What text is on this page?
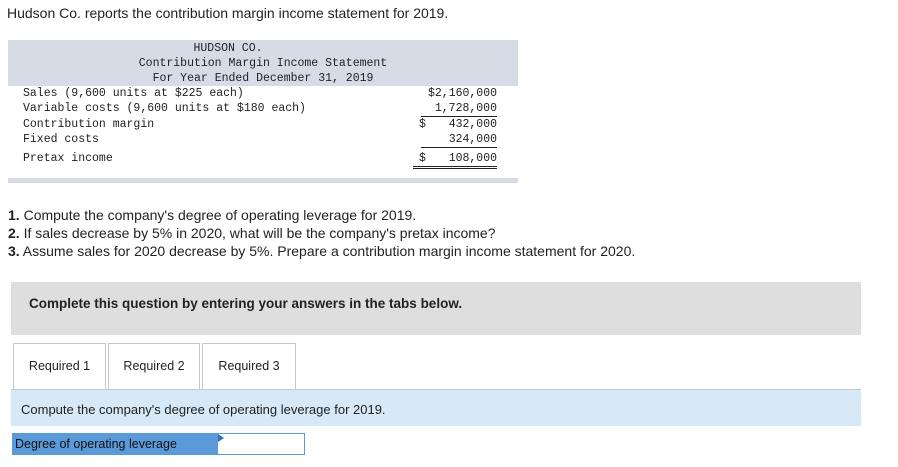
Hudson Co. reports the contribution margin income statement for 2019.
HUDSON CO.
Contribution Margin Income Statement
For Year Ended December 31, 2019
Sales (9,600 units at $225 each)	$2,160,000
Variable costs (9,600 units at $180 each)	1,728,000
Contribution margin	$ 432,000
Fixed costs	324,000
Pretax income	$	108,000
1. Compute the company's degree of operating leverage for 2019.
2. If sales decrease by 5% in 2020, what will be the company's pretax income?
3. Assume sales for 2020 decrease by 5%. Prepare a contribution margin income statement for 2020.
Complete this question by entering your answers in the tabs below.
Required 1	Required 2	Required 3
Compute the company's degree of operating leverage for 2019.
Degree of operating leverage
